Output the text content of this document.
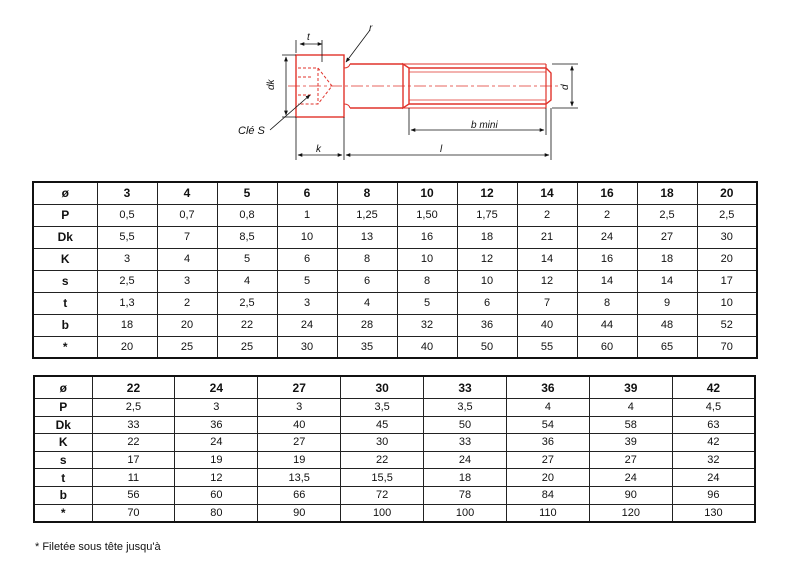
t
r
dk	d
Clé S	b mini
k	l
ø	3	4	5	6	8	10	12	14	16	18	20
P	0,5	0,7	0,8	1	1,25	1,50	1,75	2	2	2,5	2,5
Dk	5,5	7	8,5	10	13	16	18	21	24	27	30
K	3	4	5	6	8	10	12	14	16	18	20
s	2,5	3	4	5	6	8	10	12	14	14	17
t	1,3	2	2,5	3	4	5	6	7	8	9	10
b	18	20	22	24	28	32	36	40	44	48	52
*	20	25	25	30	35	40	50	55	60	65	70
ø	22	24	27	30	33	36	39	42
P	2,5	3	3	3,5	3,5	4	4	4,5
Dk	33	36	40	45	50	54	58	63
K	22	24	27	30	33	36	39	42
s	17	19	19	22	24	27	27	32
t	11	12	13,5	15,5	18	20	24	24
b	56	60	66	72	78	84	90	96
*	70	80	90	100	100	110	120	130
* Filetée sous tête jusqu'à
